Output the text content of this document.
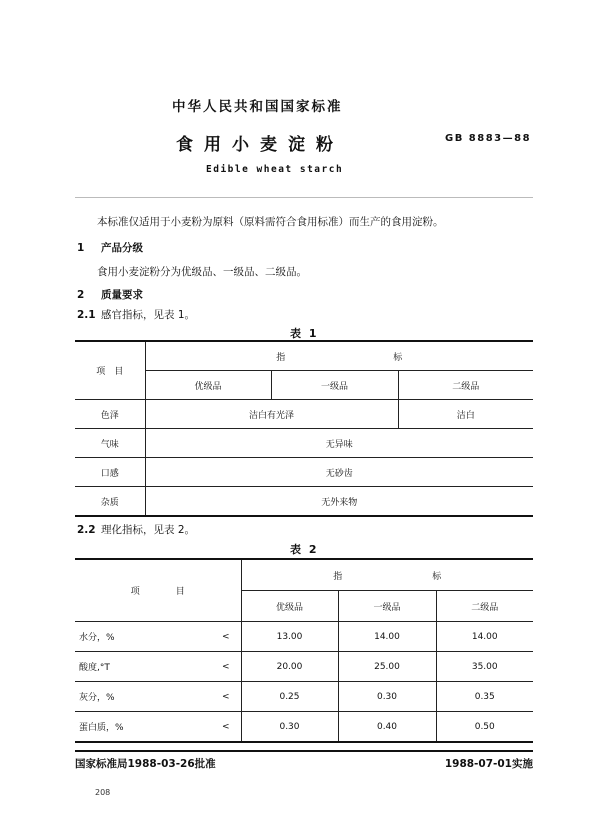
中华人民共和国国家标准
食用小麦淀粉	GB 8883—88
Edible wheat starch
本标准仅适用于小麦粉为原料（原料需符合食用标准）而生产的食用淀粉。
1 产品分级
食用小麦淀粉分为优级品、一级品、二级品。
2 质量要求
2.1 感官指标，见表 1。
表 1
项　目	指　　　　　　　　　　　　标		
	优级品	一级品	二级品
色泽	洁白有光泽		洁白
气味	无异味		
口感	无砂齿		
杂质	无外来物		
2.2 理化指标，见表 2。
表 2
项　　　　目		指　　　　　　　　　　标		
		优级品	一级品	二级品
水分，%	<	13.00	14.00	14.00
酸度,°T	<	20.00	25.00	35.00
灰分，%	<	0.25	0.30	0.35
蛋白质，%	<	0.30	0.40	0.50
国家标准局1988-03-26批准	1988-07-01实施
208
